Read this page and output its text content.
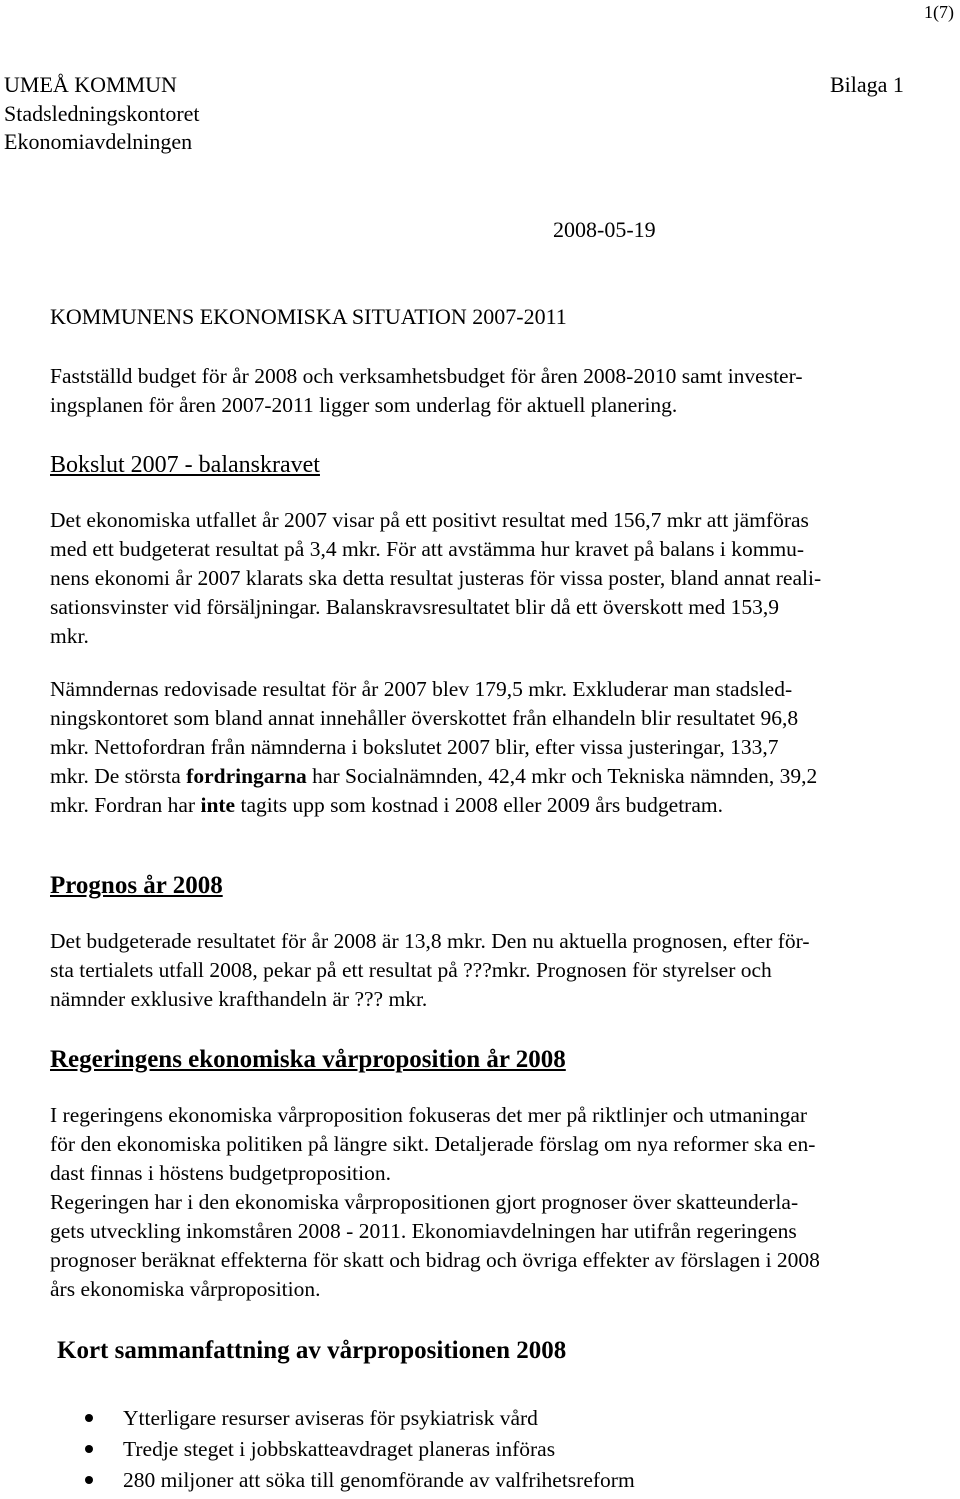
1(7)
UMEÅ KOMMUN
Stadsledningskontoret
Ekonomiavdelningen
Bilaga 1
2008-05-19
KOMMUNENS EKONOMISKA SITUATION 2007-2011
Fastställd budget för år 2008 och verksamhetsbudget för åren 2008-2010 samt invester-
ingsplanen för åren 2007-2011 ligger som underlag för aktuell planering.
Bokslut 2007 - balanskravet
Det ekonomiska utfallet år 2007 visar på ett positivt resultat med 156,7 mkr att jämföras
med ett budgeterat resultat på 3,4 mkr. För att avstämma hur kravet på balans i kommu-
nens ekonomi år 2007 klarats ska detta resultat justeras för vissa poster, bland annat reali-
sationsvinster vid försäljningar. Balanskravsresultatet blir då ett överskott med 153,9
mkr.
Nämndernas redovisade resultat för år 2007 blev 179,5 mkr. Exkluderar man stadsled-
ningskontoret som bland annat innehåller överskottet från elhandeln blir resultatet 96,8
mkr. Nettofordran från nämnderna i bokslutet 2007 blir, efter vissa justeringar, 133,7
mkr. De största fordringarna har Socialnämnden, 42,4 mkr och Tekniska nämnden, 39,2
mkr. Fordran har inte tagits upp som kostnad i 2008 eller 2009 års budgetram.
Prognos år 2008
Det budgeterade resultatet för år 2008 är 13,8 mkr. Den nu aktuella prognosen, efter för-
sta tertialets utfall 2008, pekar på ett resultat på ???mkr. Prognosen för styrelser och
nämnder exklusive krafthandeln är ??? mkr.
Regeringens ekonomiska vårproposition år 2008
I regeringens ekonomiska vårproposition fokuseras det mer på riktlinjer och utmaningar
för den ekonomiska politiken på längre sikt. Detaljerade förslag om nya reformer ska en-
dast finnas i höstens budgetproposition.
Regeringen har i den ekonomiska vårpropositionen gjort prognoser över skatteunderla-
gets utveckling inkomståren 2008 - 2011. Ekonomiavdelningen har utifrån regeringens
prognoser beräknat effekterna för skatt och bidrag och övriga effekter av förslagen i 2008
års ekonomiska vårproposition.
Kort sammanfattning av vårpropositionen 2008
Ytterligare resurser aviseras för psykiatrisk vård
Tredje steget i jobbskatteavdraget planeras införas
280 miljoner att söka till genomförande av valfrihetsreform
